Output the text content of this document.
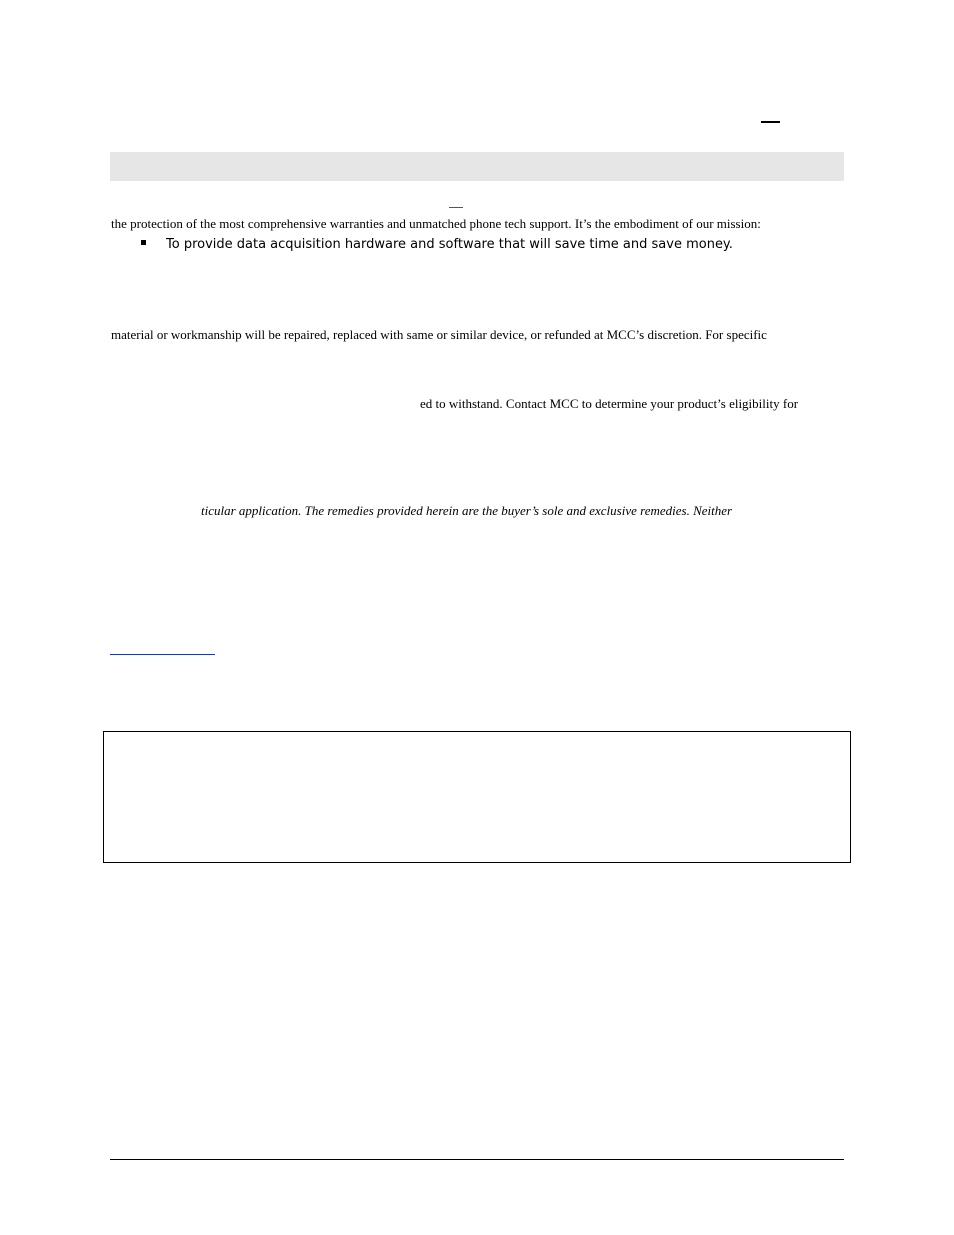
the protection of the most comprehensive warranties and unmatched phone tech support. It’s the embodiment of our mission:
To provide data acquisition hardware and software that will save time and save money.
material or workmanship will be repaired, replaced with same or similar device, or refunded at MCC’s discretion. For specific
ed to withstand. Contact MCC to determine your product’s eligibility for
ticular application. The remedies provided herein are the buyer’s sole and exclusive remedies. Neither
